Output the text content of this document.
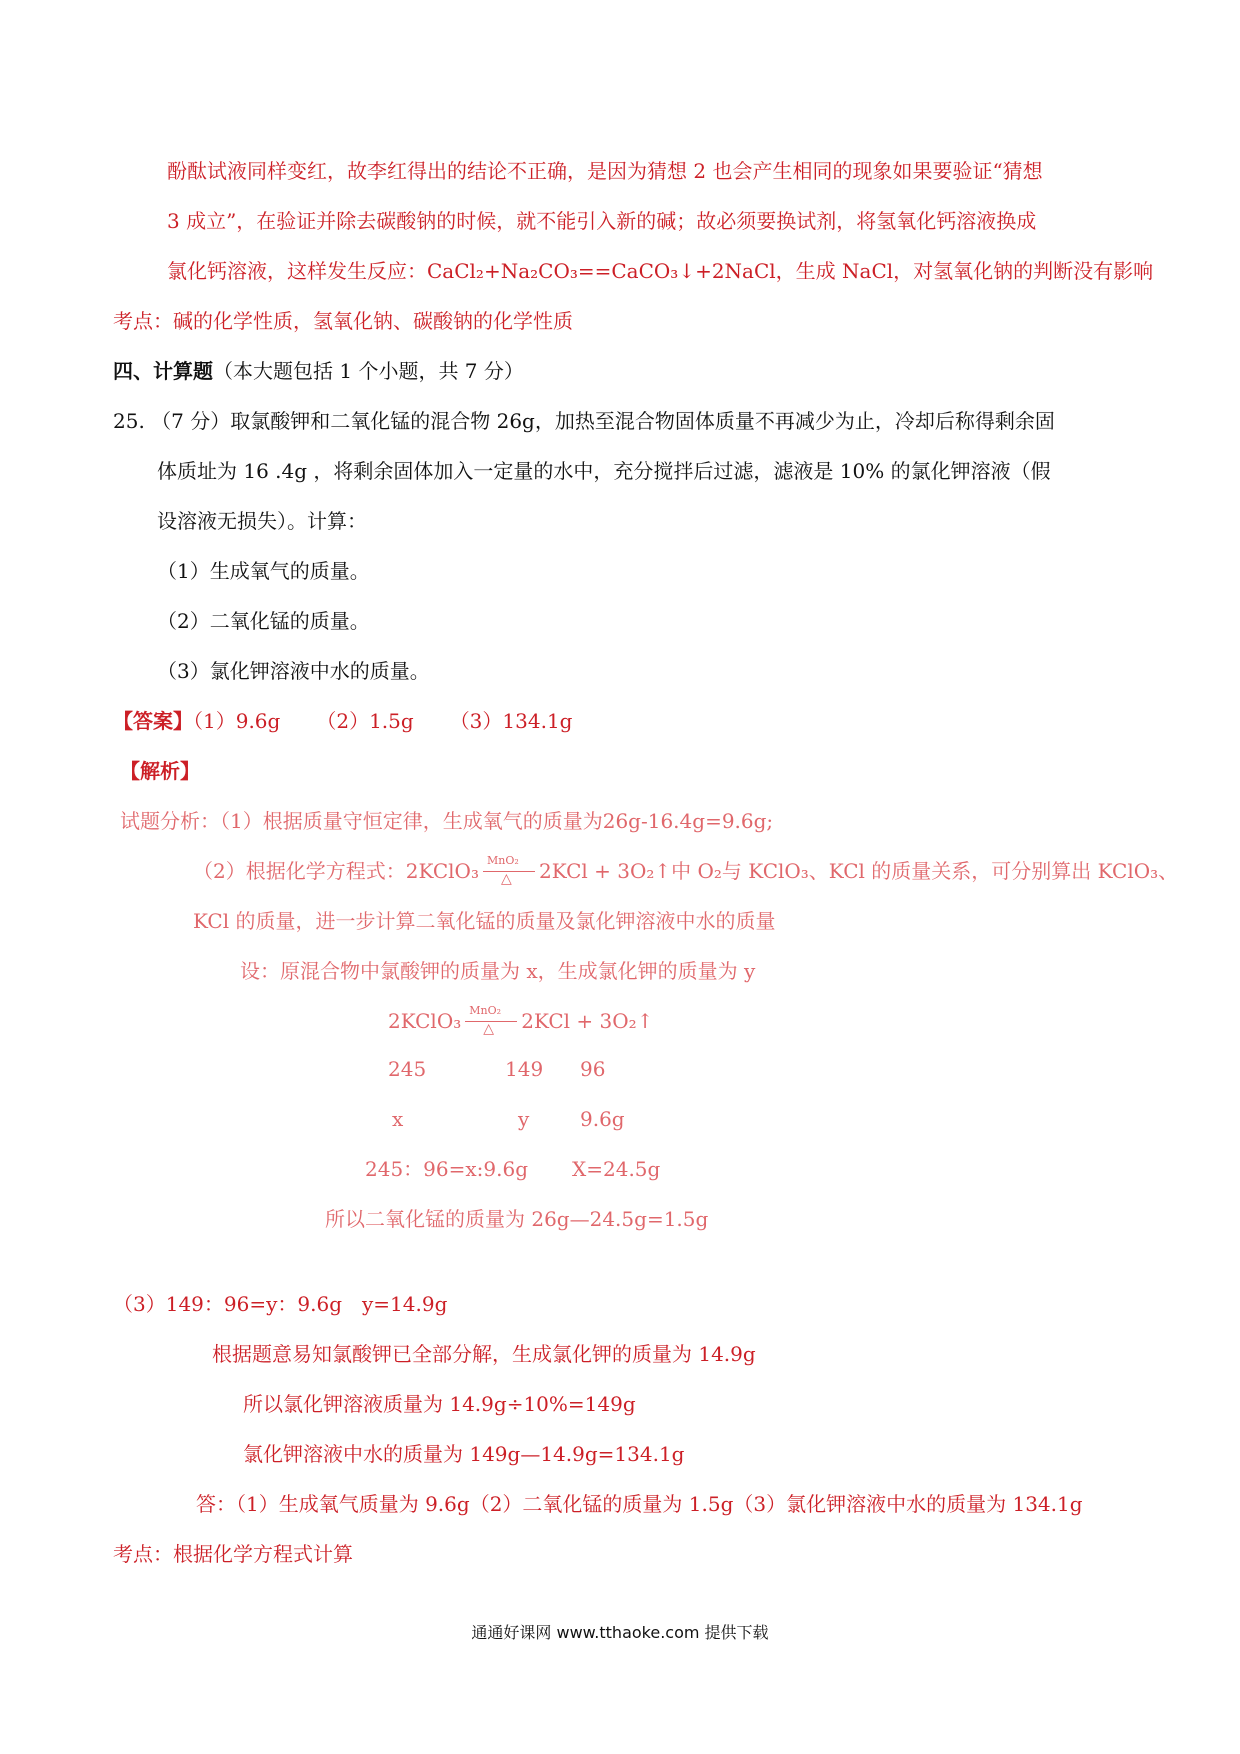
酚酞试液同样变红，故李红得出的结论不正确，是因为猜想 2 也会产生相同的现象如果要验证“猜想
3 成立”，在验证并除去碳酸钠的时候，就不能引入新的碱；故必须要换试剂，将氢氧化钙溶液换成
氯化钙溶液，这样发生反应：CaCl₂+Na₂CO₃==CaCO₃↓+2NaCl，生成 NaCl，对氢氧化钠的判断没有影响
考点：碱的化学性质，氢氧化钠、碳酸钠的化学性质
四、计算题（本大题包括 1 个小题，共 7 分）
25. （7 分）取氯酸钾和二氧化锰的混合物 26g，加热至混合物固体质量不再减少为止，冷却后称得剩余固
体质址为 16 .4g ，将剩余固体加入一定量的水中，充分搅拌后过滤，滤液是 10% 的氯化钾溶液（假
设溶液无损失）。计算：
（1）生成氧气的质量。
（2）二氧化锰的质量。
（3）氯化钾溶液中水的质量。
【答案】（1）9.6g （2）1.5g （3）134.1g
【解析】
试题分析：（1）根据质量守恒定律，生成氧气的质量为26g-16.4g=9.6g;
（2）根据化学方程式：2KClO₃ MnO₂
△ 2KCl + 3O₂↑中 O₂与 KClO₃、KCl 的质量关系，可分别算出 KClO₃、
KCl 的质量，进一步计算二氧化锰的质量及氯化钾溶液中水的质量
设：原混合物中氯酸钾的质量为 x，生成氯化钾的质量为 y
2KClO₃ MnO₂
△ 2KCl + 3O₂↑
245	149 96
x	y	9.6g
245：96=x:9.6g X=24.5g
所以二氧化锰的质量为 26g—24.5g=1.5g
（3）149：96=y：9.6g y=14.9g
根据题意易知氯酸钾已全部分解，生成氯化钾的质量为 14.9g
所以氯化钾溶液质量为 14.9g÷10%=149g
氯化钾溶液中水的质量为 149g—14.9g=134.1g
答：（1）生成氧气质量为 9.6g（2）二氧化锰的质量为 1.5g（3）氯化钾溶液中水的质量为 134.1g
考点：根据化学方程式计算
通通好课网 www.tthaoke.com 提供下载
